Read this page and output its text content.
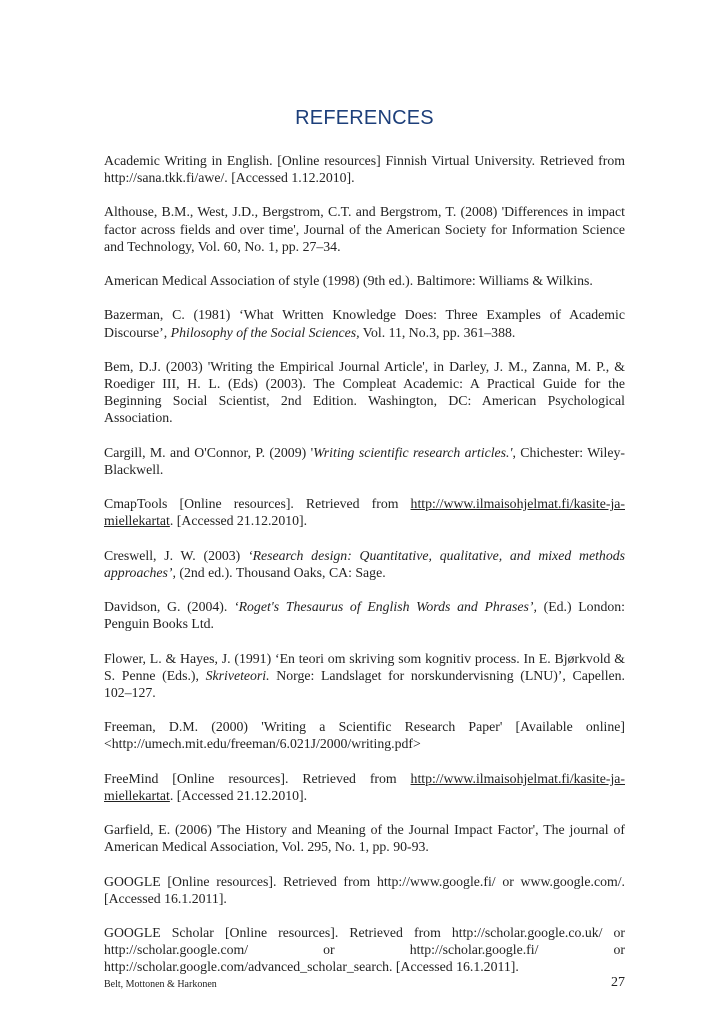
REFERENCES

Academic Writing in English. [Online resources] Finnish Virtual University. Retrieved from http://sana.tkk.fi/awe/. [Accessed 1.12.2010].

Althouse, B.M., West, J.D., Bergstrom, C.T. and Bergstrom, T. (2008) 'Differences in impact factor across fields and over time', Journal of the American Society for Information Science and Technology, Vol. 60, No. 1, pp. 27–34.

American Medical Association of style (1998) (9th ed.). Baltimore: Williams & Wilkins.

Bazerman, C. (1981) ‘What Written Knowledge Does: Three Examples of Academic Discourse’, Philosophy of the Social Sciences, Vol. 11, No.3, pp. 361–388.

Bem, D.J. (2003) 'Writing the Empirical Journal Article', in Darley, J. M., Zanna, M. P., & Roediger III, H. L. (Eds) (2003). The Compleat Academic: A Practical Guide for the Beginning Social Scientist, 2nd Edition. Washington, DC: American Psychological Association.

Cargill, M. and O'Connor, P. (2009) 'Writing scientific research articles.', Chichester: Wiley-Blackwell.

CmapTools [Online resources]. Retrieved from http://www.ilmaisohjelmat.fi/kasite-ja-miellekartat. [Accessed 21.12.2010].

Creswell, J. W. (2003) ‘Research design: Quantitative, qualitative, and mixed methods approaches’, (2nd ed.). Thousand Oaks, CA: Sage.

Davidson, G. (2004). ‘Roget's Thesaurus of English Words and Phrases’, (Ed.) London: Penguin Books Ltd.

Flower, L. & Hayes, J. (1991) ‘En teori om skriving som kognitiv process. In E. Bjørkvold & S. Penne (Eds.), Skriveteori. Norge: Landslaget for norskundervisning (LNU)’, Capellen. 102–127.

Freeman, D.M. (2000) 'Writing a Scientific Research Paper' [Available online] <http://umech.mit.edu/freeman/6.021J/2000/writing.pdf>

FreeMind [Online resources]. Retrieved from http://www.ilmaisohjelmat.fi/kasite-ja-miellekartat. [Accessed 21.12.2010].

Garfield, E. (2006) 'The History and Meaning of the Journal Impact Factor', The journal of American Medical Association, Vol. 295, No. 1, pp. 90-93.

GOOGLE [Online resources]. Retrieved from http://www.google.fi/ or www.google.com/. [Accessed 16.1.2011].

GOOGLE Scholar [Online resources]. Retrieved from http://scholar.google.co.uk/ or http://scholar.google.com/ or http://scholar.google.fi/ or http://scholar.google.com/advanced_scholar_search. [Accessed 16.1.2011].

Belt, Mottonen & Harkonen	27
